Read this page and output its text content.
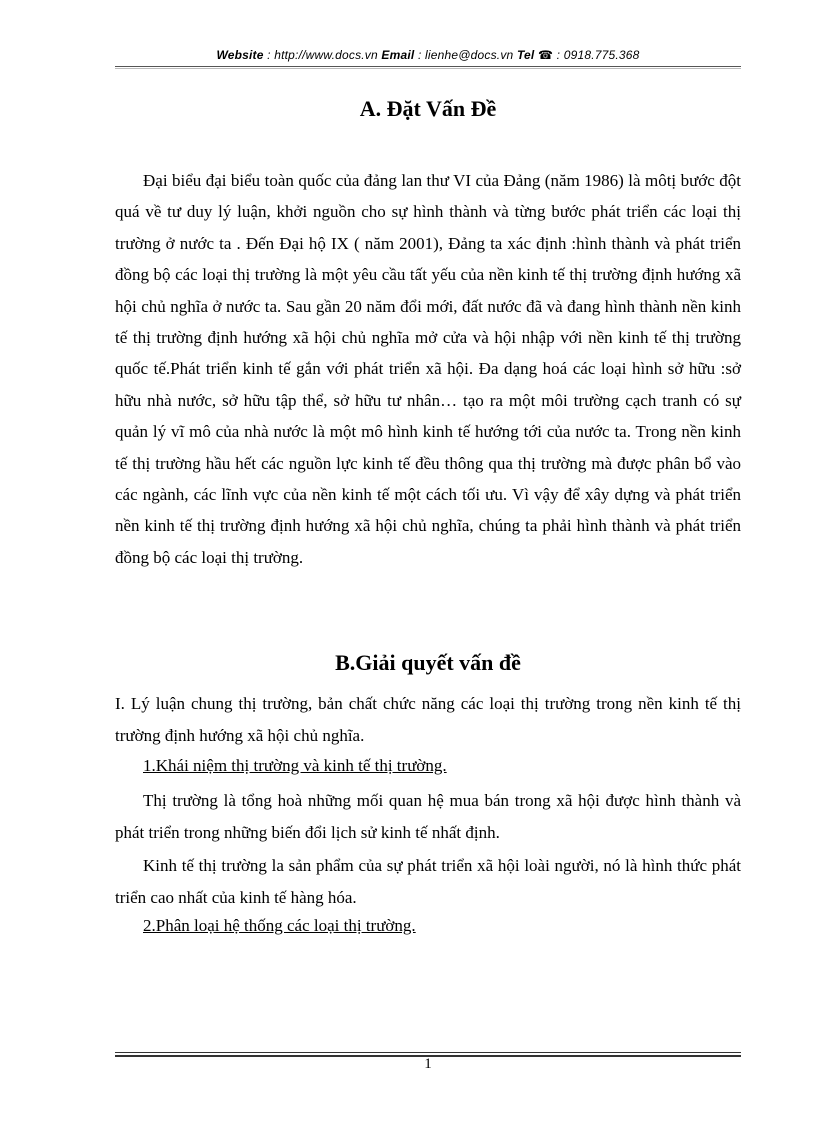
Website : http://www.docs.vn Email : lienhe@docs.vn Tel ☎ : 0918.775.368
A. Đặt Vấn Đề

Đại biểu đại biểu toàn quốc của đảng lan thư VI của Đảng (năm 1986) là môtị bước đột quá về tư duy lý luận, khởi nguồn cho sự hình thành và từng bước phát triển các loại thị trường ở nước ta . Đến Đại hộ IX ( năm 2001), Đảng ta xác định :hình thành và phát triển đồng bộ các loại thị trường là một yêu cầu tất yếu của nền kinh tế thị trường định hướng xã hội chủ nghĩa ở nước ta. Sau gần 20 năm đổi mới, đất nước đã và đang hình thành nền kinh tế thị trường định hướng xã hội chủ nghĩa mở cửa và hội nhập với nền kinh tế thị trường quốc tế.Phát triển kinh tế gắn với phát triển xã hội. Đa dạng hoá các loại hình sở hữu :sở hữu nhà nước, sở hữu tập thể, sở hữu tư nhân… tạo ra một môi trường cạch tranh có sự quản lý vĩ mô của nhà nước là một mô hình kinh tế hướng tới của nước ta. Trong nền kinh tế thị trường hầu hết các nguồn lực kinh tế đều thông qua thị trường mà được phân bổ vào các ngành, các lĩnh vực của nền kinh tế một cách tối ưu. Vì vậy để xây dựng và phát triển nền kinh tế thị trường định hướng xã hội chủ nghĩa, chúng ta phải hình thành và phát triển đồng bộ các loại thị trường.

B.Giải quyết vấn đề

I. Lý luận chung thị trường, bản chất chức năng các loại thị trường trong nền kinh tế thị trường định hướng xã hội chủ nghĩa.

1.Khái niệm thị trường và kinh tế thị trường.

Thị trường là tổng hoà những mối quan hệ mua bán trong xã hội được hình thành và phát triển trong những biến đổi lịch sử kinh tế nhất định.

Kinh tế thị trường la sản phẩm của sự phát triển xã hội loài người, nó là hình thức phát triển cao nhất của kinh tế hàng hóa.

2.Phân loại hệ thống các loại thị trường.
1
